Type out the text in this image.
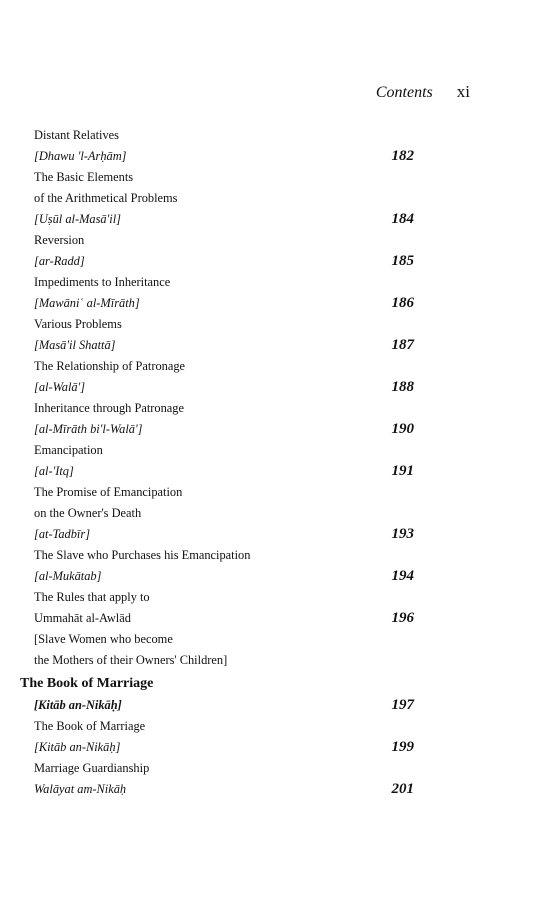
Contents xi
Distant Relatives
[Dhawu 'l-Arḥām]	182
The Basic Elements
of the Arithmetical Problems
[Uṣūl al-Masā'il]	184
Reversion
[ar-Radd]	185
Impediments to Inheritance
[Mawāniʿ al-Mīrāth]	186
Various Problems
[Masā'il Shattā]	187
The Relationship of Patronage
[al-Walā']	188
Inheritance through Patronage
[al-Mīrāth bi'l-Walā']	190
Emancipation
[al-'Itq]	191
The Promise of Emancipation
on the Owner's Death
[at-Tadbīr]	193
The Slave who Purchases his Emancipation
[al-Mukātab]	194
The Rules that apply to
Ummahāt al-Awlād	196
[Slave Women who become
the Mothers of their Owners' Children]
The Book of Marriage
[Kitāb an-Nikāḥ]	197
The Book of Marriage
[Kitāb an-Nikāḥ]	199
Marriage Guardianship
Walāyat am-Nikāḥ	201
